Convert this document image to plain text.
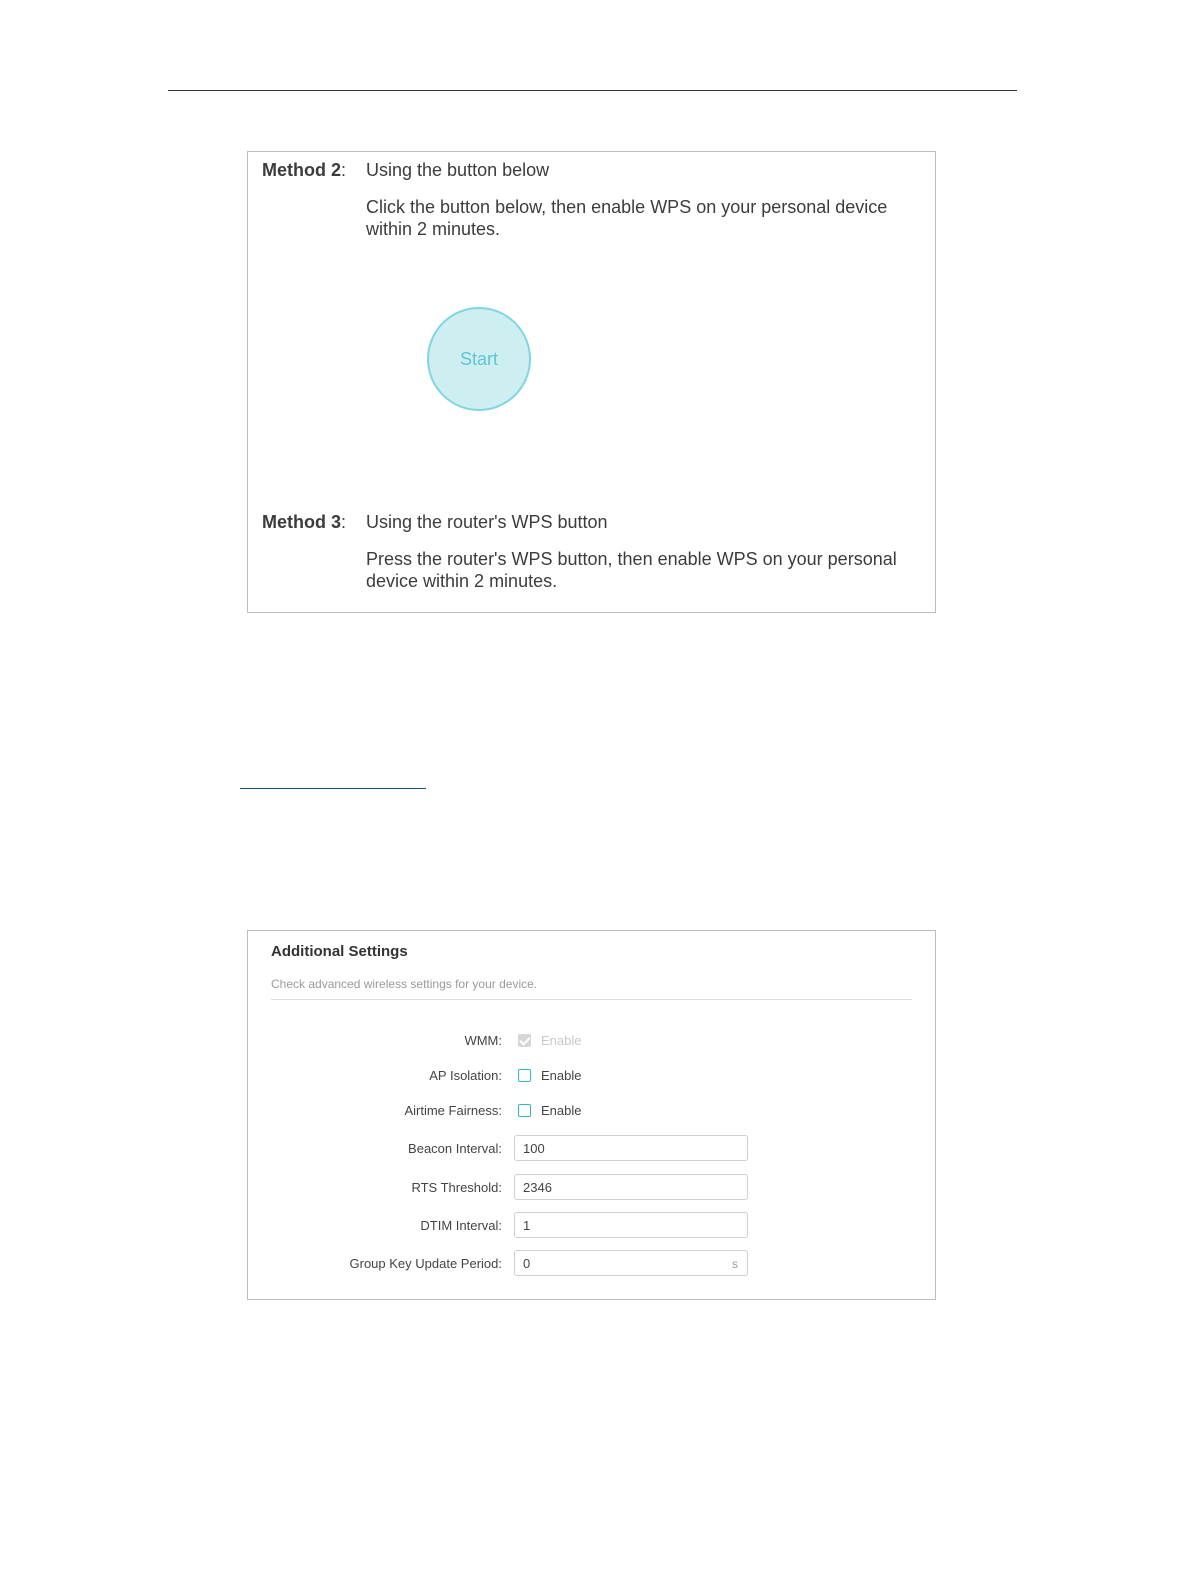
Method 2: Using the button below
Click the button below, then enable WPS on your personal device within 2 minutes.
Start
Method 3: Using the router's WPS button
Press the router's WPS button, then enable WPS on your personal device within 2 minutes.
Additional Settings
Check advanced wireless settings for your device.
WMM:	Enable
AP Isolation:	Enable
Airtime Fairness:	Enable
Beacon Interval:
100
RTS Threshold:
2346
DTIM Interval:
1
Group Key Update Period:
0	s
